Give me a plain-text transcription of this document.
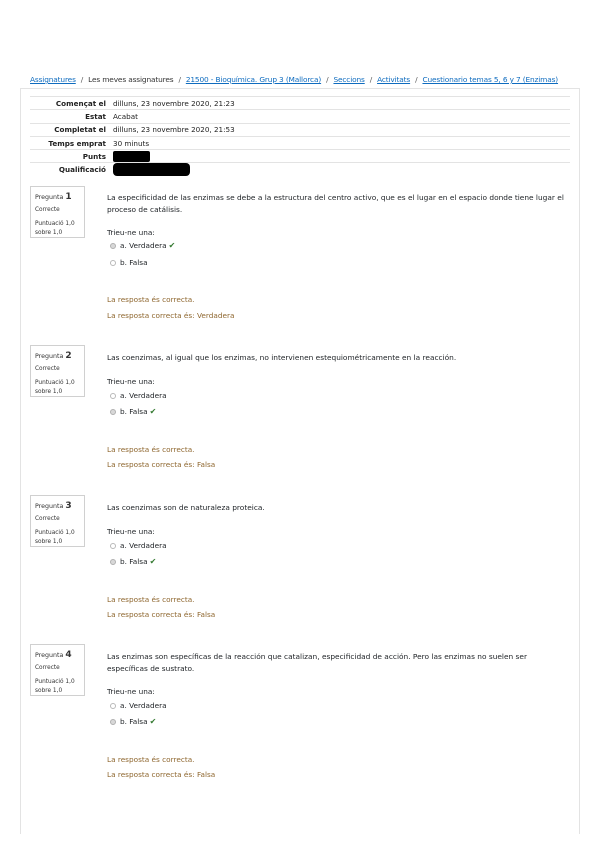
Assignatures / Les meves assignatures / 21500 - Bioquímica. Grup 3 (Mallorca) / Seccions / Activitats / Cuestionario temas 5, 6 y 7 (Enzimas)
Començat el	dilluns, 23 novembre 2020, 21:23
Estat	Acabat
Completat el	dilluns, 23 novembre 2020, 21:53
Temps emprat	30 minuts
Punts	
Qualificació	
Pregunta 1
Correcte
Puntuació 1,0 sobre 1,0
La especificidad de las enzimas se debe a la estructura del centro activo, que es el lugar en el espacio donde tiene lugar el proceso de catálisis.
Trieu-ne una:
a. Verdadera ✔
b. Falsa
La resposta és correcta.
La resposta correcta és: Verdadera
Pregunta 2
Correcte
Puntuació 1,0 sobre 1,0
Las coenzimas, al igual que los enzimas, no intervienen estequiométricamente en la reacción.
Trieu-ne una:
a. Verdadera
b. Falsa ✔
La resposta és correcta.
La resposta correcta és: Falsa
Pregunta 3
Correcte
Puntuació 1,0 sobre 1,0
Las coenzimas son de naturaleza proteica.
Trieu-ne una:
a. Verdadera
b. Falsa ✔
La resposta és correcta.
La resposta correcta és: Falsa
Pregunta 4
Correcte
Puntuació 1,0 sobre 1,0
Las enzimas son específicas de la reacción que catalizan, especificidad de acción. Pero las enzimas no suelen ser específicas de sustrato.
Trieu-ne una:
a. Verdadera
b. Falsa ✔
La resposta és correcta.
La resposta correcta és: Falsa
